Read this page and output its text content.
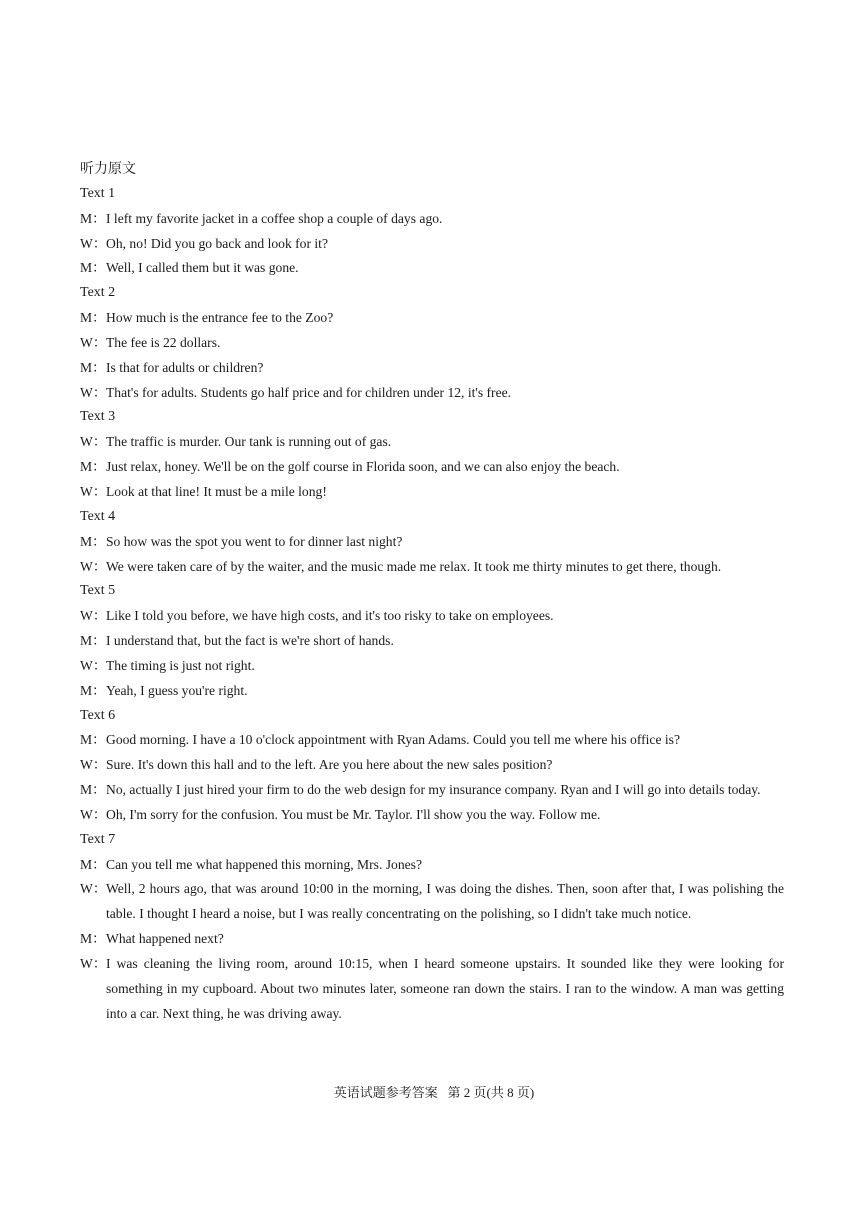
听力原文
Text 1
M： I left my favorite jacket in a coffee shop a couple of days ago.
W： Oh, no! Did you go back and look for it?
M： Well, I called them but it was gone.
Text 2
M： How much is the entrance fee to the Zoo?
W： The fee is 22 dollars.
M： Is that for adults or children?
W： That's for adults. Students go half price and for children under 12, it's free.
Text 3
W： The traffic is murder. Our tank is running out of gas.
M： Just relax, honey. We'll be on the golf course in Florida soon, and we can also enjoy the beach.
W： Look at that line! It must be a mile long!
Text 4
M： So how was the spot you went to for dinner last night?
W： We were taken care of by the waiter, and the music made me relax. It took me thirty minutes to get there, though.
Text 5
W： Like I told you before, we have high costs, and it's too risky to take on employees.
M： I understand that, but the fact is we're short of hands.
W： The timing is just not right.
M： Yeah, I guess you're right.
Text 6
M： Good morning. I have a 10 o'clock appointment with Ryan Adams. Could you tell me where his office is?
W： Sure. It's down this hall and to the left. Are you here about the new sales position?
M： No, actually I just hired your firm to do the web design for my insurance company. Ryan and I will go into details today.
W： Oh, I'm sorry for the confusion. You must be Mr. Taylor. I'll show you the way. Follow me.
Text 7
M： Can you tell me what happened this morning, Mrs. Jones?
W： Well, 2 hours ago, that was around 10:00 in the morning, I was doing the dishes. Then, soon after that, I was polishing the table. I thought I heard a noise, but I was really concentrating on the polishing, so I didn't take much notice.
M： What happened next?
W： I was cleaning the living room, around 10:15, when I heard someone upstairs. It sounded like they were looking for something in my cupboard. About two minutes later, someone ran down the stairs. I ran to the window. A man was getting into a car. Next thing, he was driving away.
英语试题参考答案 第 2 页(共 8 页)
